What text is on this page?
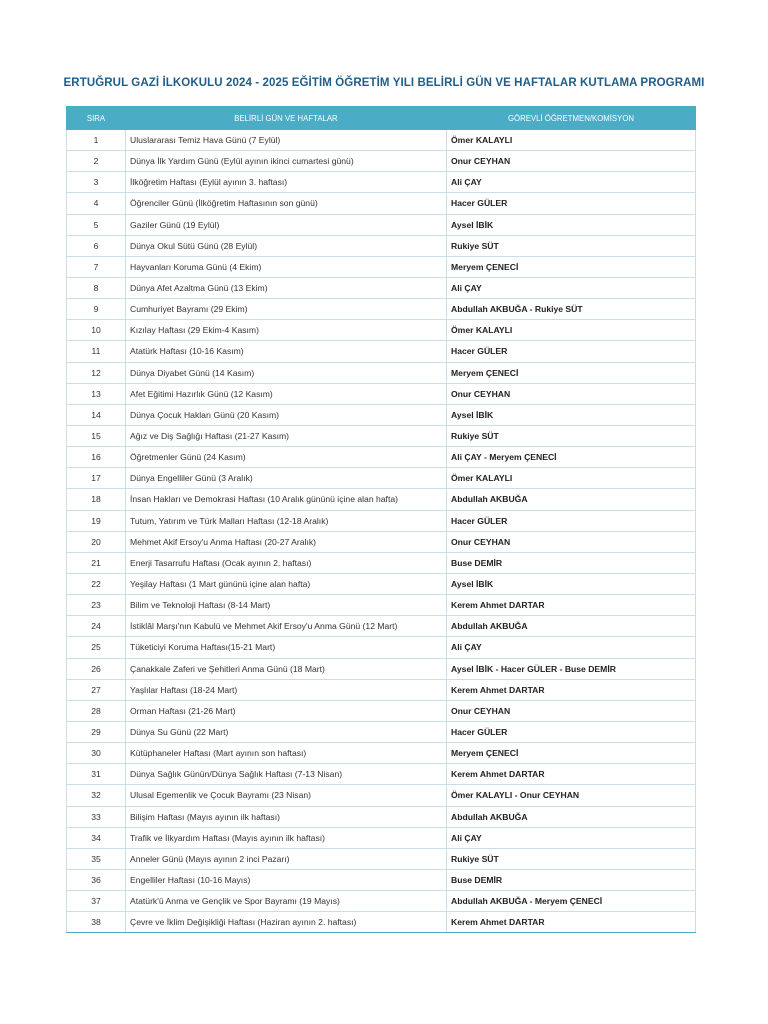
ERTUĞRUL GAZİ İLKOKULU 2024 - 2025 EĞİTİM ÖĞRETİM YILI BELİRLİ GÜN VE HAFTALAR KUTLAMA PROGRAMI
SIRA	BELİRLİ GÜN VE HAFTALAR	GÖREVLİ ÖĞRETMEN/KOMİSYON
1	Uluslararası Temiz Hava Günü (7 Eylül)	Ömer KALAYLI
2	Dünya İlk Yardım Günü (Eylül ayının ikinci cumartesi günü)	Onur CEYHAN
3	İlköğretim Haftası (Eylül ayının 3. haftası)	Ali ÇAY
4	Öğrenciler Günü (İlköğretim Haftasının son günü)	Hacer GÜLER
5	Gaziler Günü (19 Eylül)	Aysel İBİK
6	Dünya Okul Sütü Günü (28 Eylül)	Rukiye SÜT
7	Hayvanları Koruma Günü (4 Ekim)	Meryem ÇENECİ
8	Dünya Afet Azaltma Günü (13 Ekim)	Ali ÇAY
9	Cumhuriyet Bayramı (29 Ekim)	Abdullah AKBUĞA - Rukiye SÜT
10	Kızılay Haftası (29 Ekim-4 Kasım)	Ömer KALAYLI
11	Atatürk Haftası (10-16 Kasım)	Hacer GÜLER
12	Dünya Diyabet Günü (14 Kasım)	Meryem ÇENECİ
13	Afet Eğitimi Hazırlık Günü (12 Kasım)	Onur CEYHAN
14	Dünya Çocuk Hakları Günü (20 Kasım)	Aysel İBİK
15	Ağız ve Diş Sağlığı Haftası (21-27 Kasım)	Rukiye SÜT
16	Öğretmenler Günü (24 Kasım)	Ali ÇAY - Meryem ÇENECİ
17	Dünya Engelliler Günü (3 Aralık)	Ömer KALAYLI
18	İnsan Hakları ve Demokrasi Haftası (10 Aralık gününü içine alan hafta)	Abdullah AKBUĞA
19	Tutum, Yatırım ve Türk Malları Haftası (12-18 Aralık)	Hacer GÜLER
20	Mehmet Akif Ersoy'u Anma Haftası (20-27 Aralık)	Onur CEYHAN
21	Enerji Tasarrufu Haftası (Ocak ayının 2. haftası)	Buse DEMİR
22	Yeşilay Haftası (1 Mart gününü içine alan hafta)	Aysel İBİK
23	Bilim ve Teknoloji Haftası (8-14 Mart)	Kerem Ahmet DARTAR
24	İstiklâl Marşı'nın Kabulü ve Mehmet Akif Ersoy'u Anma Günü (12 Mart)	Abdullah AKBUĞA
25	Tüketiciyi Koruma Haftası(15-21 Mart)	Ali ÇAY
26	Çanakkale Zaferi ve Şehitleri Anma Günü (18 Mart)	Aysel İBİK - Hacer GÜLER - Buse DEMİR
27	Yaşlılar Haftası (18-24 Mart)	Kerem Ahmet DARTAR
28	Orman Haftası (21-26 Mart)	Onur CEYHAN
29	Dünya Su Günü (22 Mart)	Hacer GÜLER
30	Kütüphaneler Haftası (Mart ayının son haftası)	Meryem ÇENECİ
31	Dünya Sağlık Günün/Dünya Sağlık Haftası (7-13 Nisan)	Kerem Ahmet DARTAR
32	Ulusal Egemenlik ve Çocuk Bayramı (23 Nisan)	Ömer KALAYLI - Onur CEYHAN
33	Bilişim Haftası (Mayıs ayının ilk haftası)	Abdullah AKBUĞA
34	Trafik ve İlkyardım Haftası (Mayıs ayının ilk haftası)	Ali ÇAY
35	Anneler Günü (Mayıs ayının 2 inci Pazarı)	Rukiye SÜT
36	Engelliler Haftası (10-16 Mayıs)	Buse DEMİR
37	Atatürk'ü Anma ve Gençlik ve Spor Bayramı (19 Mayıs)	Abdullah AKBUĞA - Meryem ÇENECİ
38	Çevre ve İklim Değişikliği Haftası (Haziran ayının 2. haftası)	Kerem Ahmet DARTAR
